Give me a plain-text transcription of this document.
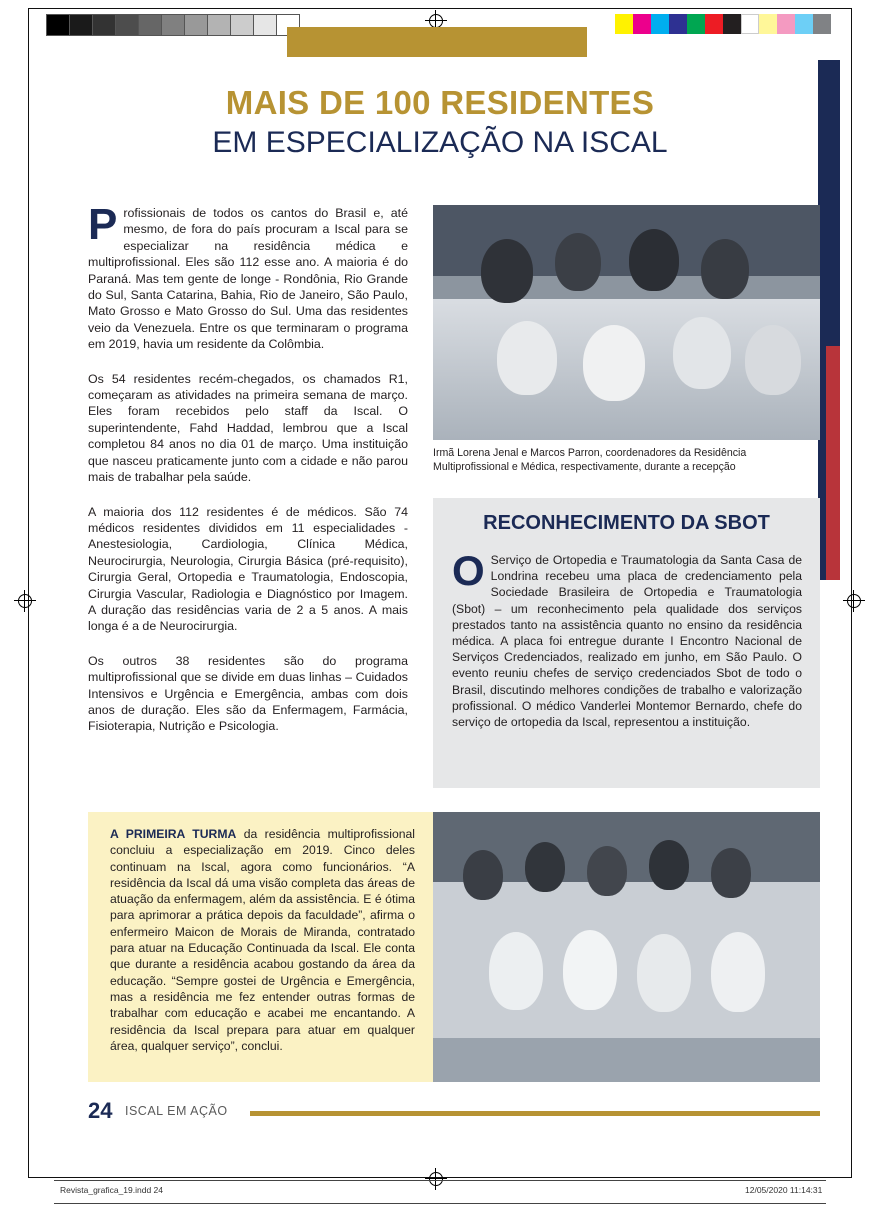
MAIS DE 100 RESIDENTES
EM ESPECIALIZAÇÃO NA ISCAL

Profissionais de todos os cantos do Brasil e, até mesmo, de fora do país procuram a Iscal para se especializar na residência médica e multiprofissional. Eles são 112 esse ano. A maioria é do Paraná. Mas tem gente de longe - Rondônia, Rio Grande do Sul, Santa Catarina, Bahia, Rio de Janeiro, São Paulo, Mato Grosso e Mato Grosso do Sul. Uma das residentes veio da Venezuela. Entre os que terminaram o programa em 2019, havia um residente da Colômbia.

Os 54 residentes recém-chegados, os chamados R1, começaram as atividades na primeira semana de março. Eles foram recebidos pelo staff da Iscal. O superintendente, Fahd Haddad, lembrou que a Iscal completou 84 anos no dia 01 de março. Uma instituição que nasceu praticamente junto com a cidade e não parou mais de trabalhar pela saúde.

A maioria dos 112 residentes é de médicos. São 74 médicos residentes divididos em 11 especialidades - Anestesiologia, Cardiologia, Clínica Médica, Neurocirurgia, Neurologia, Cirurgia Básica (pré-requisito), Cirurgia Geral, Ortopedia e Traumatologia, Endoscopia, Cirurgia Vascular, Radiologia e Diagnóstico por Imagem. A duração das residências varia de 2 a 5 anos. A mais longa é a de Neurocirurgia.

Os outros 38 residentes são do programa multiprofissional que se divide em duas linhas – Cuidados Intensivos e Urgência e Emergência, ambas com dois anos de duração. Eles são da Enfermagem, Farmácia, Fisioterapia, Nutrição e Psicologia.

Irmã Lorena Jenal e Marcos Parron, coordenadores da Residência Multiprofissional e Médica, respectivamente, durante a recepção
RECONHECIMENTO DA SBOT
O Serviço de Ortopedia e Traumatologia da Santa Casa de Londrina recebeu uma placa de credenciamento pela Sociedade Brasileira de Ortopedia e Traumatologia (Sbot) – um reconhecimento pela qualidade dos serviços prestados tanto na assistência quanto no ensino da residência médica. A placa foi entregue durante I Encontro Nacional de Serviços Credenciados, realizado em junho, em São Paulo. O evento reuniu chefes de serviço credenciados Sbot de todo o Brasil, discutindo melhores condições de trabalho e valorização profissional. O médico Vanderlei Montemor Bernardo, chefe do serviço de ortopedia da Iscal, representou a instituição.
A PRIMEIRA TURMA da residência multiprofissional concluiu a especialização em 2019. Cinco deles continuam na Iscal, agora como funcionários. “A residência da Iscal dá uma visão completa das áreas de atuação da enfermagem, além da assistência. E é ótima para aprimorar a prática depois da faculdade”, afirma o enfermeiro Maicon de Morais de Miranda, contratado para atuar na Educação Continuada da Iscal. Ele conta que durante a residência acabou gostando da área da educação. “Sempre gostei de Urgência e Emergência, mas a residência me fez entender outras formas de trabalhar com educação e acabei me encantando. A residência da Iscal prepara para atuar em qualquer área, qualquer serviço”, conclui.
24 ISCAL EM AÇÃO
Revista_grafica_19.indd 24	12/05/2020 11:14:31
